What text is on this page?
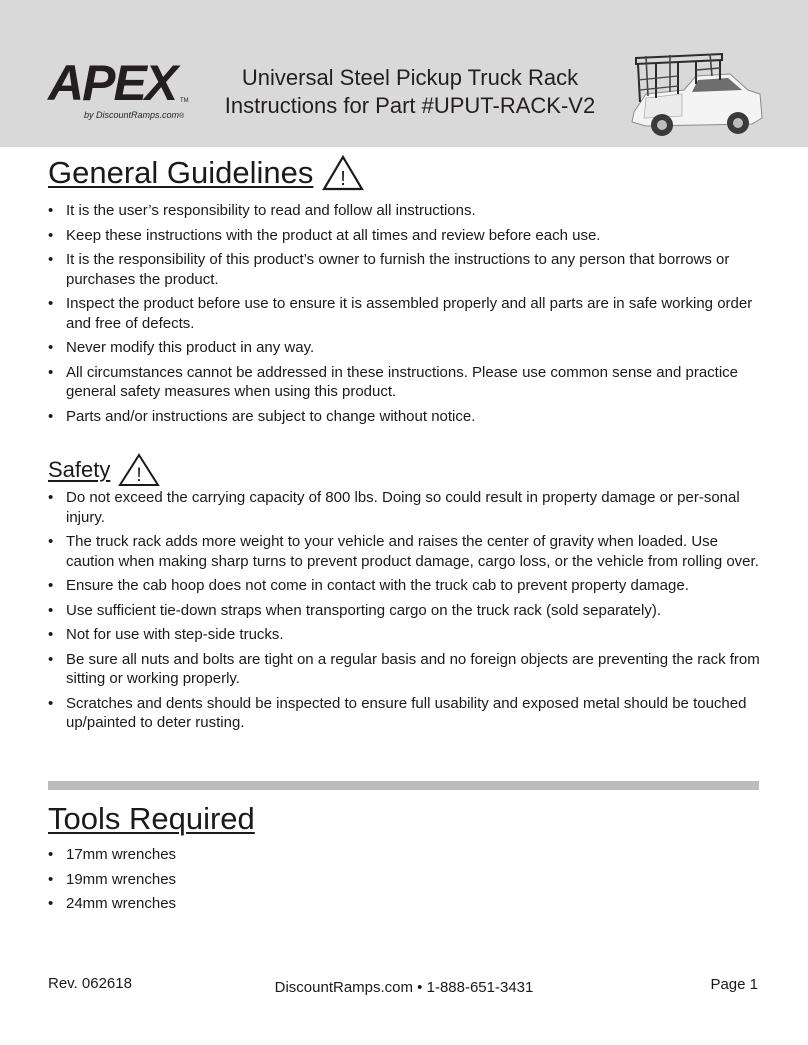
APEX TM
by DiscountRamps.com®
Universal Steel Pickup Truck Rack
Instructions for Part #UPUT-RACK-V2
General Guidelines !
• It is the user’s responsibility to read and follow all instructions.
• Keep these instructions with the product at all times and review before each use.
• It is the responsibility of this product’s owner to furnish the instructions to any person that borrows or purchases the product.
• Inspect the product before use to ensure it is assembled properly and all parts are in safe working order and free of defects.
• Never modify this product in any way.
• All circumstances cannot be addressed in these instructions. Please use common sense and practice general safety measures when using this product.
• Parts and/or instructions are subject to change without notice.
Safety !
• Do not exceed the carrying capacity of 800 lbs. Doing so could result in property damage or per-sonal injury.
• The truck rack adds more weight to your vehicle and raises the center of gravity when loaded. Use caution when making sharp turns to prevent product damage, cargo loss, or the vehicle from rolling over.
• Ensure the cab hoop does not come in contact with the truck cab to prevent property damage.
• Use sufficient tie-down straps when transporting cargo on the truck rack (sold separately).
• Not for use with step-side trucks.
• Be sure all nuts and bolts are tight on a regular basis and no foreign objects are preventing the rack from sitting or working properly.
• Scratches and dents should be inspected to ensure full usability and exposed metal should be touched up/painted to deter rusting.
Tools Required
• 17mm wrenches
• 19mm wrenches
• 24mm wrenches
Rev. 062618	DiscountRamps.com • 1-888-651-3431	Page 1
